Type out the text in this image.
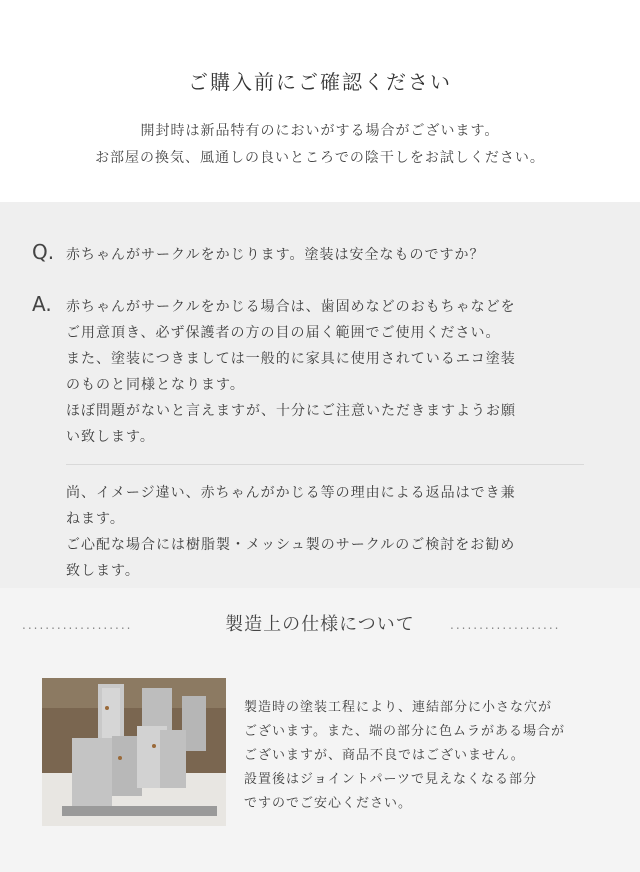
ご購入前にご確認ください
開封時は新品特有のにおいがする場合がございます。
お部屋の換気、風通しの良いところでの陰干しをお試しください。
Q. 赤ちゃんがサークルをかじります。塗装は安全なものですか？
A. 赤ちゃんがサークルをかじる場合は、歯固めなどのおもちゃなどを
ご用意頂き、必ず保護者の方の目の届く範囲でご使用ください。
また、塗装につきましては一般的に家具に使用されているエコ塗装
のものと同様となります。
ほぼ問題がないと言えますが、十分にご注意いただきますようお願
い致します。
尚、イメージ違い、赤ちゃんがかじる等の理由による返品はでき兼
ねます。
ご心配な場合には樹脂製・メッシュ製のサークルのご検討をお勧め
致します。
...................	製造上の仕様について	...................
製造時の塗装工程により、連結部分に小さな穴が
ございます。また、端の部分に色ムラがある場合が
ございますが、商品不良ではございません。
設置後はジョイントパーツで見えなくなる部分
ですのでご安心ください。
